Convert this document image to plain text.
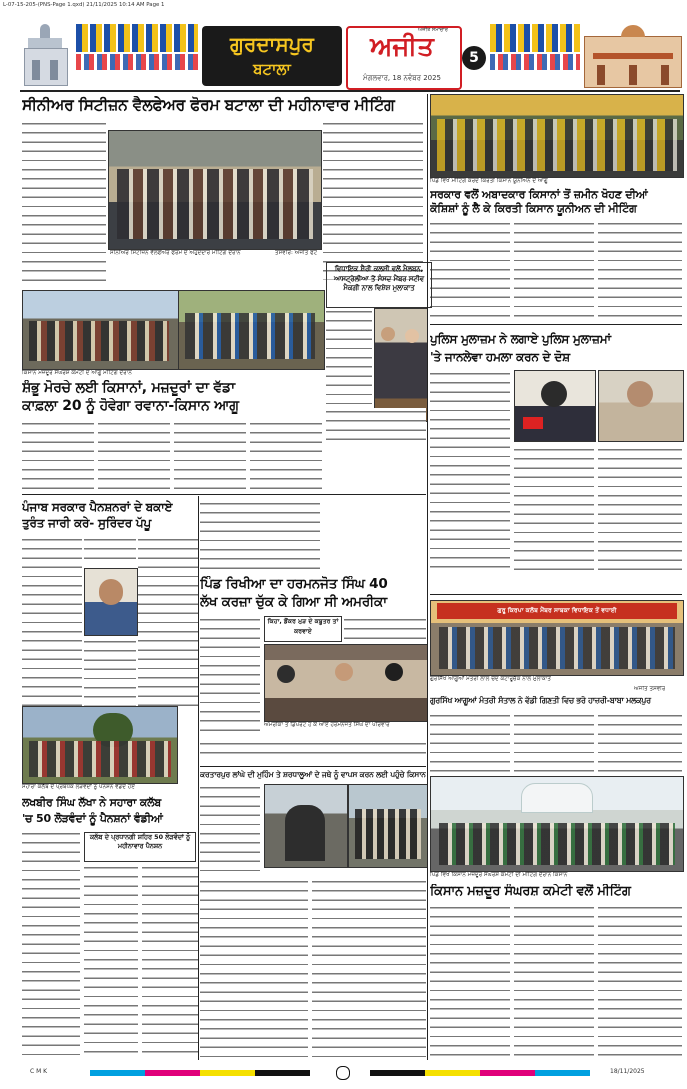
L-07-15-205-(PNS-Page 1.qxd) 21/11/2025 10:14 AM Page 1
ਗੁਰਦਾਸਪੁਰ
ਬਟਾਲਾ
ਅਜੀਤ ਸਮਾਚਾਰ
ਅਜੀਤ
ਮੰਗਲਵਾਰ, 18 ਨਵੰਬਰ 2025
5
ਸੀਨੀਅਰ ਸਿਟੀਜ਼ਨ ਵੈਲਫੇਅਰ ਫੋਰਮ ਬਟਾਲਾ ਦੀ ਮਹੀਨਾਵਾਰ ਮੀਟਿੰਗ
ਸੀਨੀਅਰ ਸਿਟੀਜ਼ਨ ਵੈਲਫੇਅਰ ਫੋਰਮ ਦੇ ਅਹੁਦੇਦਾਰ ਮੀਟਿੰਗ ਦੌਰਾਨ	ਤਸਵੀਰ: ਅਜੀਤ ਫੋਟੋ
ਕਿਸਾਨ ਮਜ਼ਦੂਰ ਸੰਘਰਸ਼ ਕਮੇਟੀ ਦੇ ਆਗੂ ਮੀਟਿੰਗ ਦੌਰਾਨ
ਪਿੰਡ ਵਿਖੇ ਮੀਟਿੰਗ ਕਰਦੇ ਕਿਰਤੀ ਕਿਸਾਨ ਯੂਨੀਅਨ ਦੇ ਆਗੂ
ਸਰਕਾਰ ਵਲੋਂ ਅਬਾਦਕਾਰ ਕਿਸਾਨਾਂ ਤੋਂ ਜ਼ਮੀਨ ਖੋਹਣ ਦੀਆਂ
ਕੋਸ਼ਿਸ਼ਾਂ ਨੂੰ ਲੈ ਕੇ ਕਿਰਤੀ ਕਿਸਾਨ ਯੂਨੀਅਨ ਦੀ ਮੀਟਿੰਗ
ਵਿਧਾਇਕ ਸ਼ੈਰੀ ਕਲਸੀ ਵਲੋਂ ਮੈਲਬਨ, ਆਸਟ੍ਰੇਲੀਆ ਤੋਂ ਸੰਸਦ ਮੈਂਬਰ ਸਟੀਵ ਮੈਕਗੀ ਨਾਲ ਵਿਸ਼ੇਸ਼ ਮੁਲਾਕਾਤ
ਸ਼ੰਭੂ ਮੋਰਚੇ ਲਈ ਕਿਸਾਨਾਂ, ਮਜ਼ਦੂਰਾਂ ਦਾ ਵੱਡਾ
ਕਾਫ਼ਲਾ 20 ਨੂੰ ਹੋਵੇਗਾ ਰਵਾਨਾ-ਕਿਸਾਨ ਆਗੂ
ਪੁਲਿਸ ਮੁਲਾਜ਼ਮ ਨੇ ਲਗਾਏ ਪੁਲਿਸ ਮੁਲਾਜ਼ਮਾਂ
'ਤੇ ਜਾਨਲੇਵਾ ਹਮਲਾ ਕਰਨ ਦੇ ਦੋਸ਼
ਪੰਜਾਬ ਸਰਕਾਰ ਪੈਨਸ਼ਨਰਾਂ ਦੇ ਬਕਾਏ
ਤੁਰੰਤ ਜਾਰੀ ਕਰੇ- ਸੁਰਿੰਦਰ ਪੱਪੂ
ਪਿੰਡ ਰਿਖੀਆ ਦਾ ਹਰਮਨਜੋਤ ਸਿੰਘ 40
ਲੱਖ ਕਰਜ਼ਾ ਚੁੱਕ ਕੇ ਗਿਆ ਸੀ ਅਮਰੀਕਾ
ਕਿਹਾ, ਡੌਂਕਰ ਮੁੜ ਦੇ ਕਬੂਤਰ ਤਾਂ ਕਰਵਾਏ
ਅਮਰੀਕਾ ਤੋਂ ਡਿਪੋਰਟ ਹੋ ਕੇ ਆਏ ਹਰਮਨਜੋਤ ਸਿੰਘ ਦਾ ਪਰਿਵਾਰ
ਗੁਰੂ ਕਿਰਪਾ ਕਲੱਬ ਮੈਂਬਰ ਸਾਬਕਾ ਵਿਧਾਇਕ ਤੋਂ ਵਧਾਈ
ਗੁਰਸਿੱਖ ਆਗੂਆਂ ਮੰਤਰੀ ਲਾਲ ਚੰਦ ਕਟਾਰੂਚੱਕ ਨਾਲ ਮੁਲਾਕਾਤ
ਅਜੀਤ ਤਸਵੀਰ
ਗੁਰਸਿੱਖ ਆਗੂਆਂ ਮੰਤਰੀ ਸੰਤਾਲ ਨੇ ਵੱਡੀ ਗਿਣਤੀ ਵਿਚ ਭਰੋ ਹਾਜ਼ਰੀ-ਬਾਬਾ ਮਲਕਪੁਰ
ਸਹਾਰਾ ਕਲੱਬ ਦੇ ਪ੍ਰਬੰਧਕ ਲੋੜਵੰਦਾਂ ਨੂੰ ਪੈਨਸ਼ਨ ਵੰਡਦੇ ਹੋਏ
ਲਖਬੀਰ ਸਿੰਘ ਲੱਖਾ ਨੇ ਸਹਾਰਾ ਕਲੱਬ
'ਚ 50 ਲੋੜਵੰਦਾਂ ਨੂੰ ਪੈਨਸ਼ਨਾਂ ਵੰਡੀਆਂ
ਕਲੱਬ ਦੇ ਪ੍ਰਧਾਨਗੀ ਸ਼ਹਿਰ 50 ਲੋੜਵੰਦਾਂ ਨੂੰ ਮਹੀਨਾਵਾਰ ਪੈਨਸ਼ਨ
ਕਰਤਾਰਪੁਰ ਲਾਂਘੇ ਦੀ ਮੁਹਿੰਮ ਤੇ ਸ਼ਰਧਾਲੂਆਂ ਦੇ ਜਥੇ ਨੂੰ ਵਾਪਸ ਕਰਨ ਲਈ ਪਹੁੰਚੇ ਕਿਸਾਨ
ਪਿੰਡ ਵਿਖੇ ਕਿਸਾਨ ਮਜ਼ਦੂਰ ਸੰਘਰਸ਼ ਕਮੇਟੀ ਦੀ ਮੀਟਿੰਗ ਦੌਰਾਨ ਕਿਸਾਨ
ਕਿਸਾਨ ਮਜ਼ਦੂਰ ਸੰਘਰਸ਼ ਕਮੇਟੀ ਵਲੋਂ ਮੀਟਿੰਗ
C M K	18/11/2025
